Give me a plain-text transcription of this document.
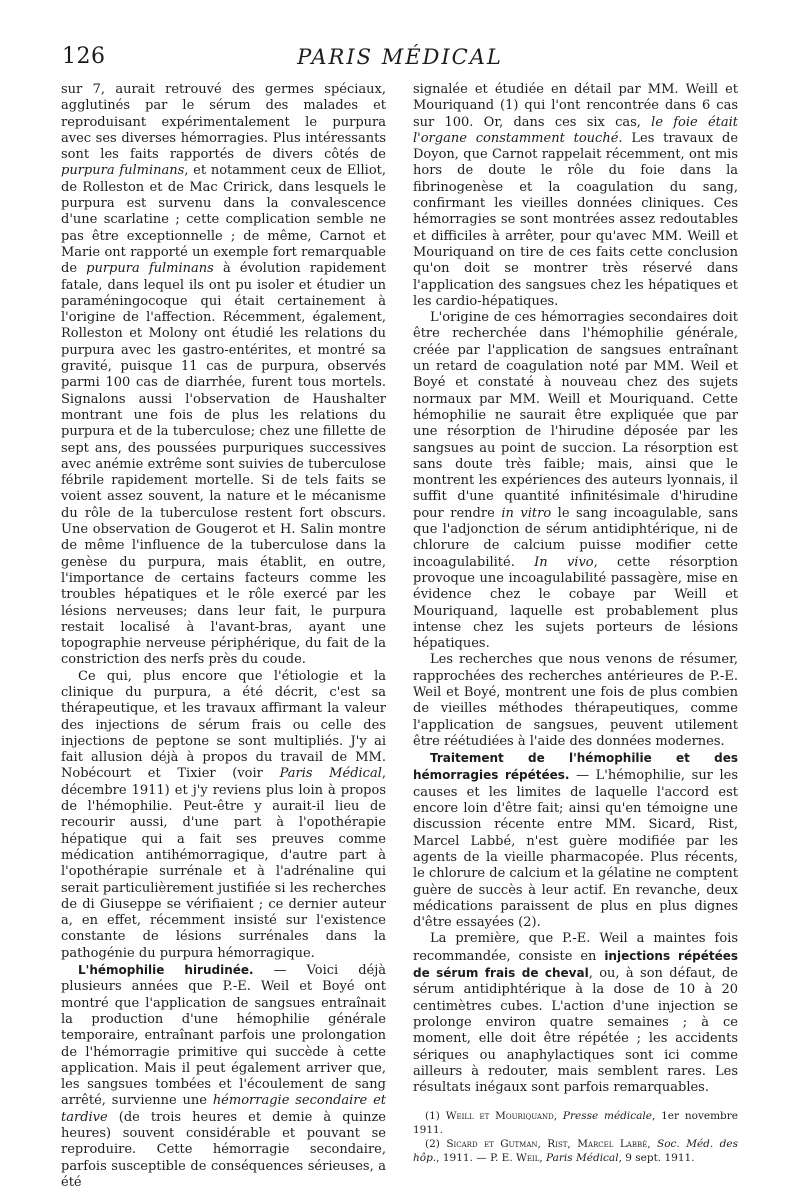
126	PARIS MÉDICAL

sur 7, aurait retrouvé des germes spéciaux, agglutinés par le sérum des malades et reproduisant expérimentalement le purpura avec ses diverses hémorragies. Plus intéressants sont les faits rapportés de divers côtés de purpura fulminans, et notamment ceux de Elliot, de Rolleston et de Mac Cririck, dans lesquels le purpura est survenu dans la convalescence d'une scarlatine ; cette complication semble ne pas être exceptionnelle ; de même, Carnot et Marie ont rapporté un exemple fort remarquable de purpura fulminans à évolution rapidement fatale, dans lequel ils ont pu isoler et étudier un paraméningocoque qui était certainement à l'origine de l'affection. Récemment, également, Rolleston et Molony ont étudié les relations du purpura avec les gastro-entérites, et montré sa gravité, puisque 11 cas de purpura, observés parmi 100 cas de diarrhée, furent tous mortels. Signalons aussi l'observation de Haushalter montrant une fois de plus les relations du purpura et de la tuberculose; chez une fillette de sept ans, des poussées purpuriques successives avec anémie extrême sont suivies de tuberculose fébrile rapidement mortelle. Si de tels faits se voient assez souvent, la nature et le mécanisme du rôle de la tuberculose restent fort obscurs. Une observation de Gougerot et H. Salin montre de même l'influence de la tuberculose dans la genèse du purpura, mais établit, en outre, l'importance de certains facteurs comme les troubles hépatiques et le rôle exercé par les lésions nerveuses; dans leur fait, le purpura restait localisé à l'avant-bras, ayant une topographie nerveuse périphérique, du fait de la constriction des nerfs près du coude.

Ce qui, plus encore que l'étiologie et la clinique du purpura, a été décrit, c'est sa thérapeutique, et les travaux affirmant la valeur des injections de sérum frais ou celle des injections de peptone se sont multipliés. J'y ai fait allusion déjà à propos du travail de MM. Nobécourt et Tixier (voir Paris Médical, décembre 1911) et j'y reviens plus loin à propos de l'hémophilie. Peut-être y aurait-il lieu de recourir aussi, d'une part à l'opothérapie hépatique qui a fait ses preuves comme médication antihémorragique, d'autre part à l'opothérapie surrénale et à l'adrénaline qui serait particulièrement justifiée si les recherches de di Giuseppe se vérifiaient ; ce dernier auteur a, en effet, récemment insisté sur l'existence constante de lésions surrénales dans la pathogénie du purpura hémorragique.

L'hémophilie hirudinée. — Voici déjà plusieurs années que P.-E. Weil et Boyé ont montré que l'application de sangsues entraînait la production d'une hémophilie générale temporaire, entraînant parfois une prolongation de l'hémorragie primitive qui succède à cette application. Mais il peut également arriver que, les sangsues tombées et l'écoulement de sang arrêté, survienne une hémorragie secondaire et tardive (de trois heures et demie à quinze heures) souvent considérable et pouvant se reproduire. Cette hémorragie secondaire, parfois susceptible de conséquences sérieuses, a été

signalée et étudiée en détail par MM. Weill et Mouriquand (1) qui l'ont rencontrée dans 6 cas sur 100. Or, dans ces six cas, le foie était l'organe constamment touché. Les travaux de Doyon, que Carnot rappelait récemment, ont mis hors de doute le rôle du foie dans la fibrinogenèse et la coagulation du sang, confirmant les vieilles données cliniques. Ces hémorragies se sont montrées assez redoutables et difficiles à arrêter, pour qu'avec MM. Weill et Mouriquand on tire de ces faits cette conclusion qu'on doit se montrer très réservé dans l'application des sangsues chez les hépatiques et les cardio-hépatiques.

L'origine de ces hémorragies secondaires doit être recherchée dans l'hémophilie générale, créée par l'application de sangsues entraînant un retard de coagulation noté par MM. Weil et Boyé et constaté à nouveau chez des sujets normaux par MM. Weill et Mouriquand. Cette hémophilie ne saurait être expliquée que par une résorption de l'hirudine déposée par les sangsues au point de succion. La résorption est sans doute très faible; mais, ainsi que le montrent les expériences des auteurs lyonnais, il suffit d'une quantité infinitésimale d'hirudine pour rendre in vitro le sang incoagulable, sans que l'adjonction de sérum antidiphtérique, ni de chlorure de calcium puisse modifier cette incoagulabilité. In vivo, cette résorption provoque une incoagulabilité passagère, mise en évidence chez le cobaye par Weill et Mouriquand, laquelle est probablement plus intense chez les sujets porteurs de lésions hépatiques.

Les recherches que nous venons de résumer, rapprochées des recherches antérieures de P.-E. Weil et Boyé, montrent une fois de plus combien de vieilles méthodes thérapeutiques, comme l'application de sangsues, peuvent utilement être réétudiées à l'aide des données modernes.

Traitement de l'hémophilie et des hémorragies répétées. — L'hémophilie, sur les causes et les limites de laquelle l'accord est encore loin d'être fait; ainsi qu'en témoigne une discussion récente entre MM. Sicard, Rist, Marcel Labbé, n'est guère modifiée par les agents de la vieille pharmacopée. Plus récents, le chlorure de calcium et la gélatine ne comptent guère de succès à leur actif. En revanche, deux médications paraissent de plus en plus dignes d'être essayées (2).

La première, que P.-E. Weil a maintes fois recommandée, consiste en injections répétées de sérum frais de cheval, ou, à son défaut, de sérum antidiphtérique à la dose de 10 à 20 centimètres cubes. L'action d'une injection se prolonge environ quatre semaines ; à ce moment, elle doit être répétée ; les accidents sériques ou anaphylactiques sont ici comme ailleurs à redouter, mais semblent rares. Les résultats inégaux sont parfois remarquables.

(1) Weill et Mouriquand, Presse médicale, 1er novembre 1911.

(2) Sicard et Gutman, Rist, Marcel Labbé, Soc. Méd. des hôp., 1911. — P. E. Weil, Paris Médical, 9 sept. 1911.
